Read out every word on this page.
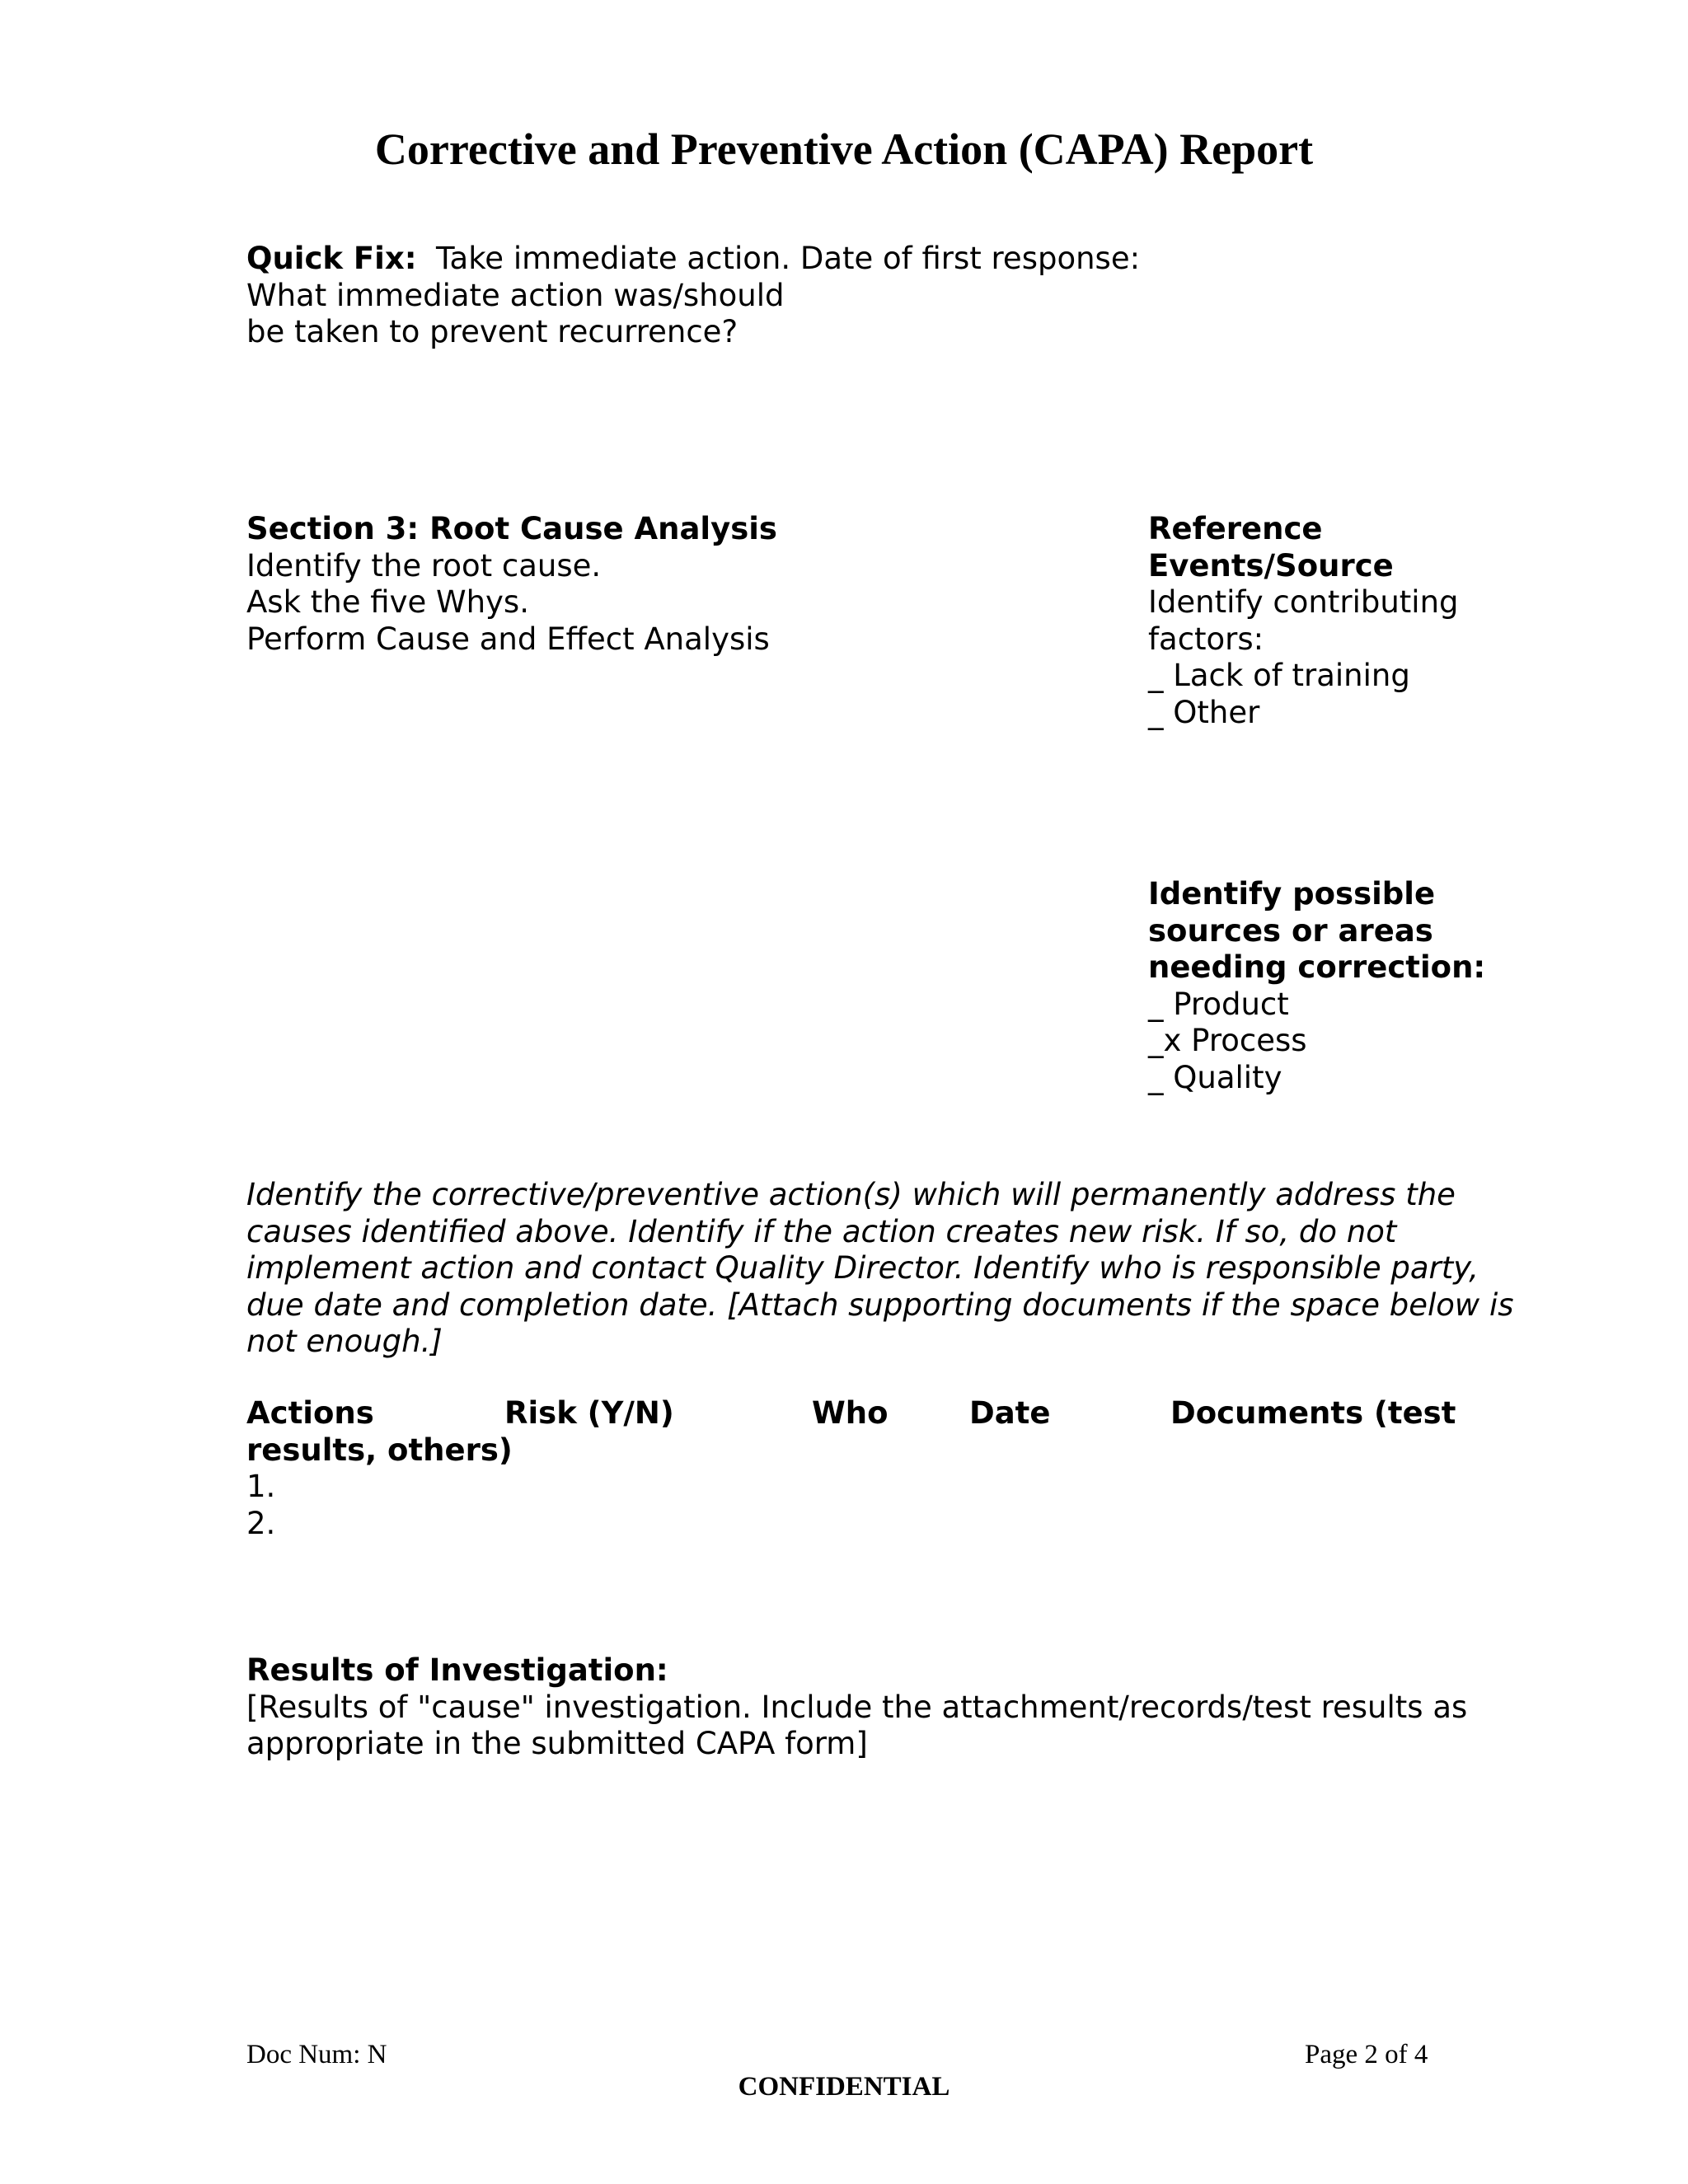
Corrective and Preventive Action (CAPA) Report
Quick Fix:  Take immediate action. Date of first response:
What immediate action was/should
be taken to prevent recurrence?
Section 3: Root Cause Analysis
Identify the root cause.
Ask the five Whys.
Perform Cause and Effect Analysis
Reference
Events/Source
Identify contributing
factors:
_ Lack of training
_ Other
Identify possible
sources or areas
needing correction:
_ Product
_x Process
_ Quality
Identify the corrective/preventive action(s) which will permanently address the causes identified above. Identify if the action creates new risk. If so, do not implement action and contact Quality Director. Identify who is responsible party, due date and completion date. [Attach supporting documents if the space below is not enough.]
Actions	Risk (Y/N)	Who	Date	Documents (test
results, others)
1.
2.
Results of Investigation:
[Results of "cause" investigation. Include the attachment/records/test results as
appropriate in the submitted CAPA form]
Doc Num: N	Page 2 of 4
CONFIDENTIAL
